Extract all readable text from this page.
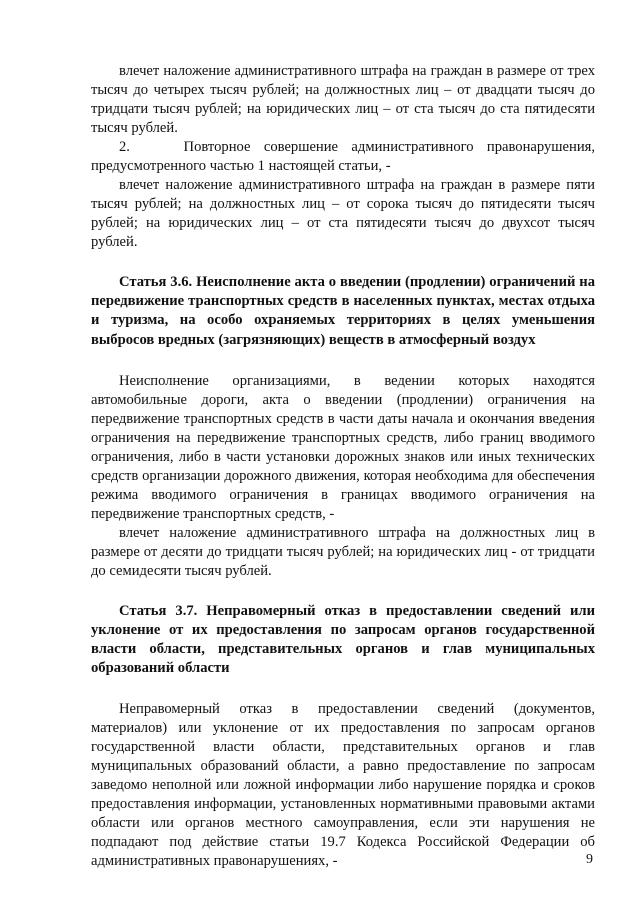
влечет наложение административного штрафа на граждан в размере от трех тысяч до четырех тысяч рублей; на должностных лиц – от двадцати тысяч до тридцати тысяч рублей; на юридических лиц – от ста тысяч до ста пятидесяти тысяч рублей.

2.    Повторное совершение административного правонарушения, предусмотренного частью 1 настоящей статьи, -

влечет наложение административного штрафа на граждан в размере пяти тысяч рублей; на должностных лиц – от сорока тысяч до пятидесяти тысяч рублей; на юридических лиц – от ста пятидесяти тысяч до двухсот тысяч рублей.

Статья 3.6. Неисполнение акта о введении (продлении) ограничений на передвижение транспортных средств в населенных пунктах, местах отдыха и туризма, на особо охраняемых территориях в целях уменьшения выбросов вредных (загрязняющих) веществ в атмосферный воздух

Неисполнение организациями, в ведении которых находятся автомобильные дороги, акта о введении (продлении) ограничения на передвижение транспортных средств в части даты начала и окончания введения ограничения на передвижение транспортных средств, либо границ вводимого ограничения, либо в части установки дорожных знаков или иных технических средств организации дорожного движения, которая необходима для обеспечения режима вводимого ограничения в границах вводимого ограничения на передвижение транспортных средств, -

влечет наложение административного штрафа на должностных лиц в размере от десяти до тридцати тысяч рублей; на юридических лиц - от тридцати до семидесяти тысяч рублей.

Статья 3.7. Неправомерный отказ в предоставлении сведений или уклонение от их предоставления по запросам органов государственной власти области, представительных органов и глав муниципальных образований области

Неправомерный отказ в предоставлении сведений (документов, материалов) или уклонение от их предоставления по запросам органов государственной власти области, представительных органов и глав муниципальных образований области, а равно предоставление по запросам заведомо неполной или ложной информации либо нарушение порядка и сроков предоставления информации, установленных нормативными правовыми актами области или органов местного самоуправления, если эти нарушения не подпадают под действие статьи 19.7 Кодекса Российской Федерации об административных правонарушениях, -	9
